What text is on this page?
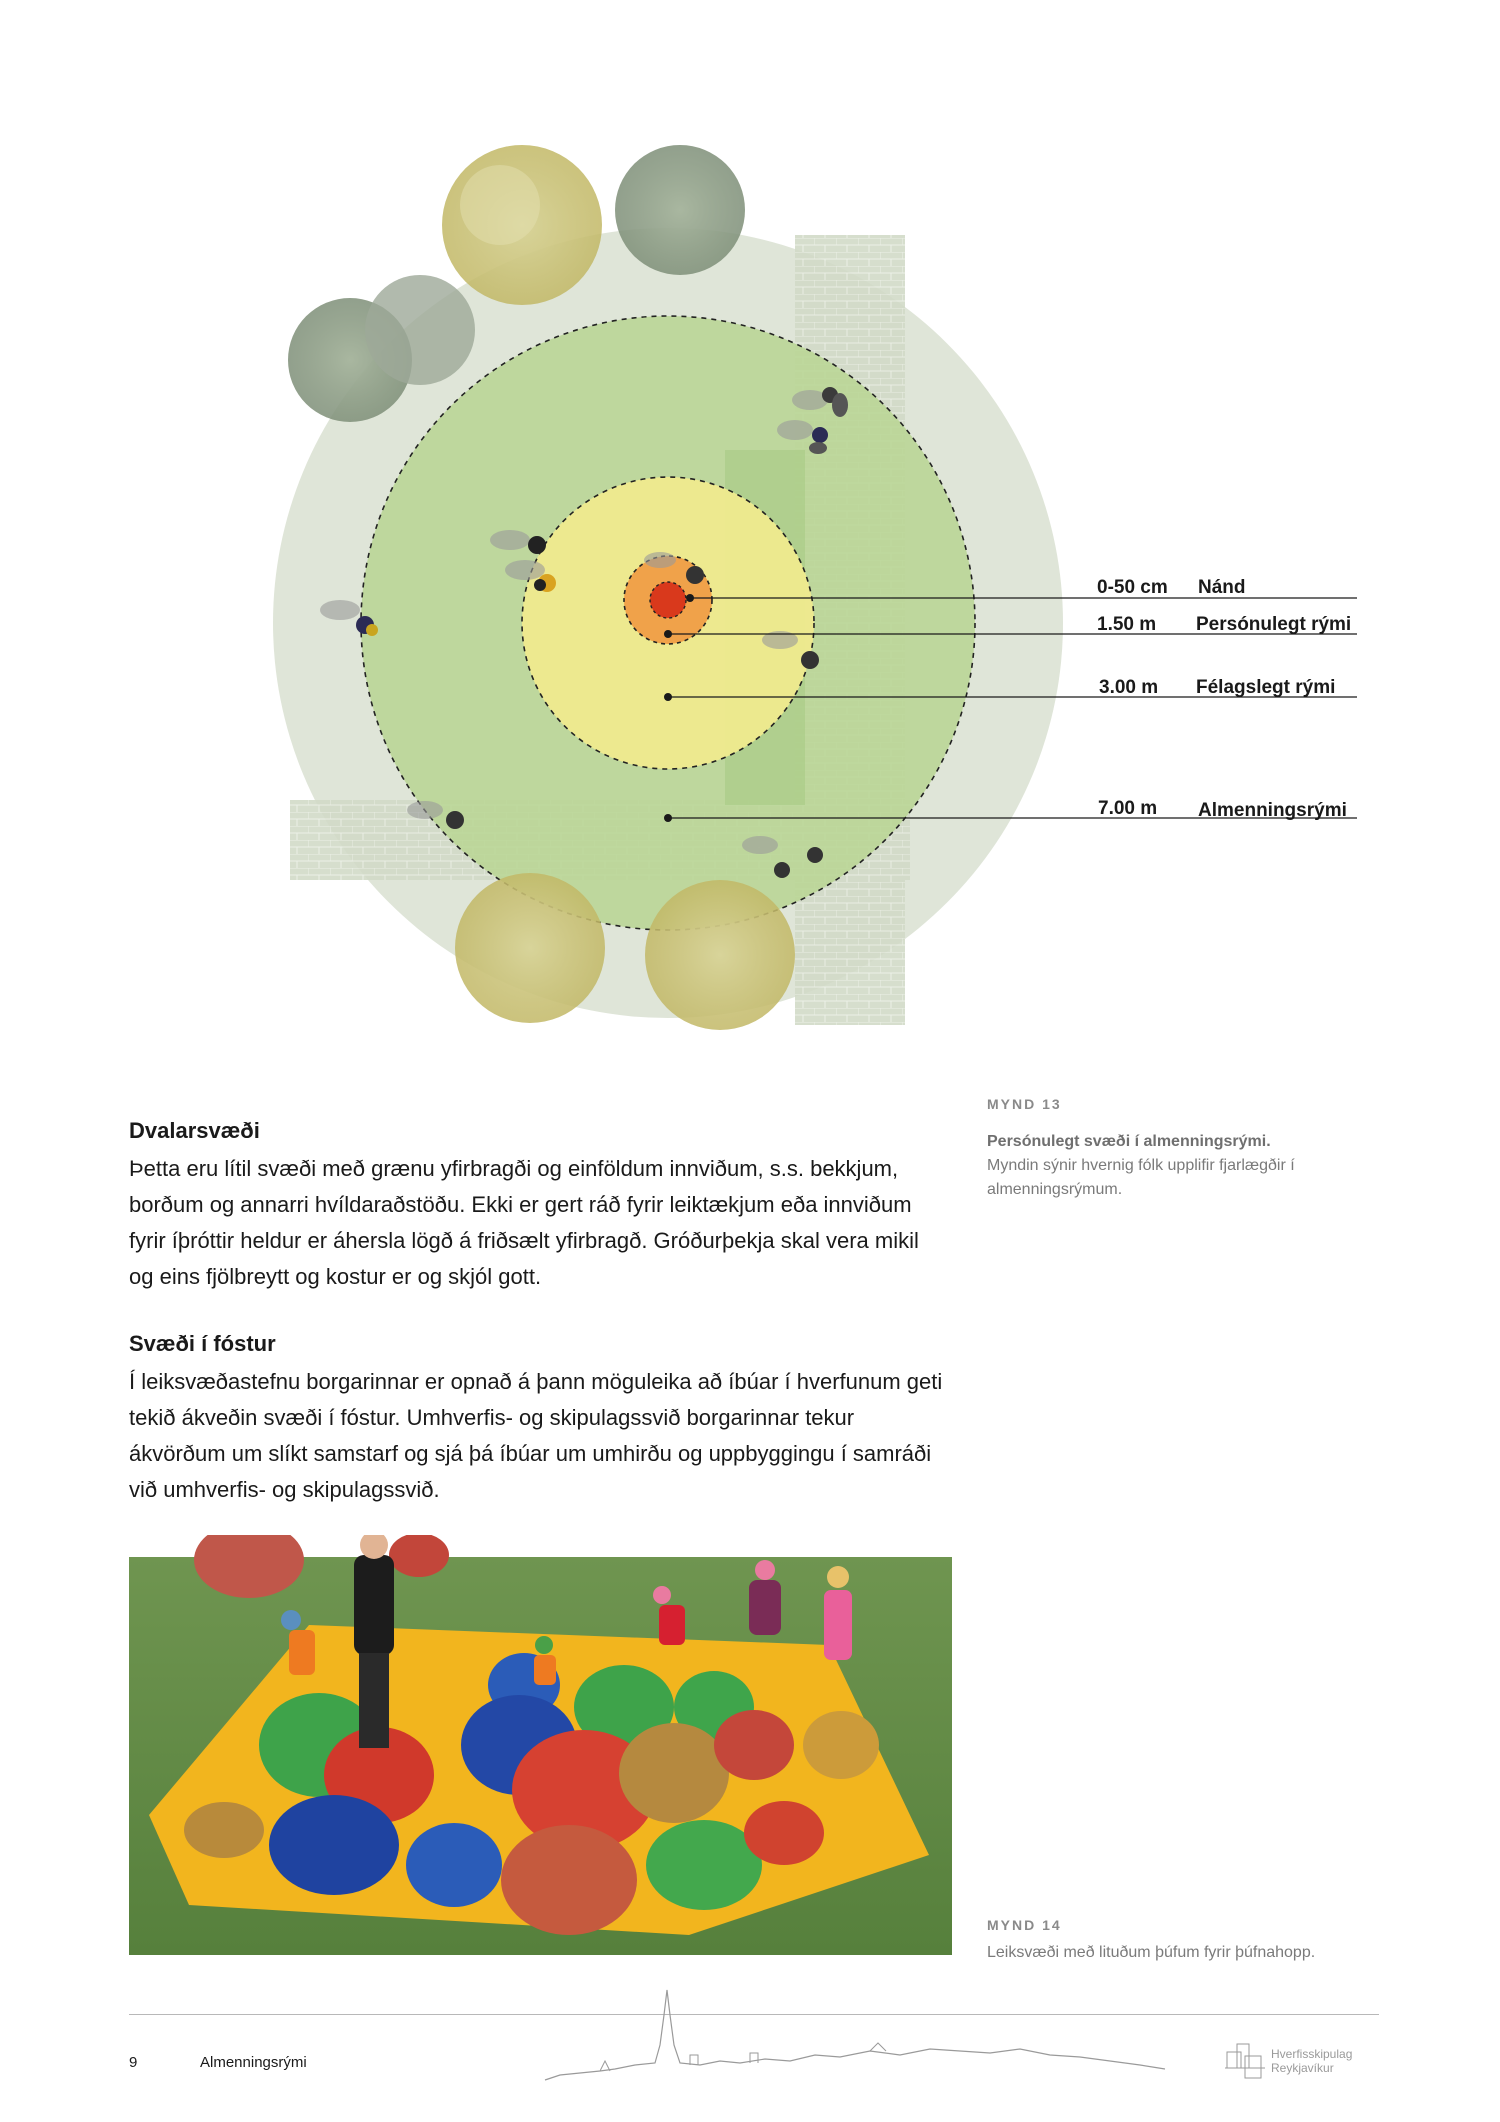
0-50 cm Nánd
1.50 m Persónulegt rými
3.00 m Félagslegt rými
7.00 m Almenningsrými
MYND 13
Persónulegt svæði í almenningsrými.
Myndin sýnir hvernig fólk upplifir fjarlægðir í almenningsrýmum.
Dvalarsvæði

Þetta eru lítil svæði með grænu yfirbragði og einföldum innviðum, s.s. bekkjum, borðum og annarri hvíldaraðstöðu. Ekki er gert ráð fyrir leiktækjum eða innviðum fyrir íþróttir heldur er áhersla lögð á friðsælt yfirbragð. Gróðurþekja skal vera mikil og eins fjölbreytt og kostur er og skjól gott.

Svæði í fóstur

Í leiksvæðastefnu borgarinnar er opnað á þann möguleika að íbúar í hverfunum geti tekið ákveðin svæði í fóstur. Umhverfis- og skipulagssvið borgarinnar tekur ákvörðum um slíkt samstarf og sjá þá íbúar um umhirðu og uppbyggingu í samráði við umhverfis- og skipulagssvið.

MYND 14
Leiksvæði með lituðum þúfum fyrir þúfnahopp.
9	Almenningsrými	Hverfisskipulag
Reykjavíkur
